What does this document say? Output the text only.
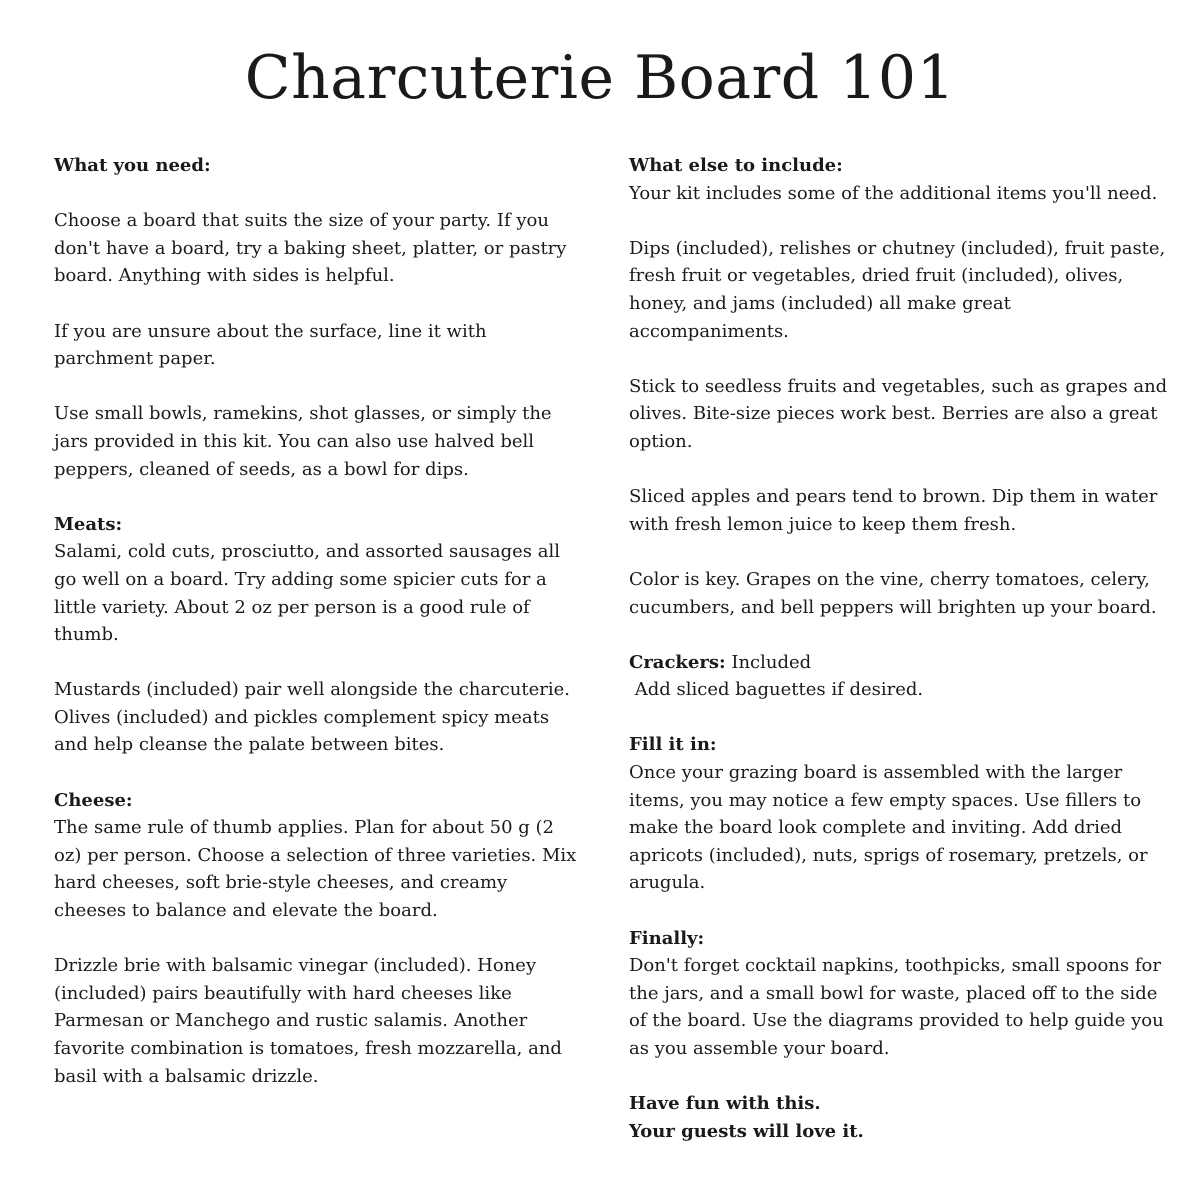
Charcuterie Board 101
What you need:

Choose a board that suits the size of your party. If you don't have a board, try a baking sheet, platter, or pastry board. Anything with sides is helpful.

If you are unsure about the surface, line it with parchment paper.

Use small bowls, ramekins, shot glasses, or simply the jars provided in this kit. You can also use halved bell peppers, cleaned of seeds, as a bowl for dips.

Meats:

Salami, cold cuts, prosciutto, and assorted sausages all go well on a board. Try adding some spicier cuts for a little variety. About 2 oz per person is a good rule of thumb.

Mustards (included) pair well alongside the charcuterie. Olives (included) and pickles complement spicy meats and help cleanse the palate between bites.

Cheese:

The same rule of thumb applies. Plan for about 50 g (2 oz) per person. Choose a selection of three varieties. Mix hard cheeses, soft brie-style cheeses, and creamy cheeses to balance and elevate the board.

Drizzle brie with balsamic vinegar (included). Honey (included) pairs beautifully with hard cheeses like Parmesan or Manchego and rustic salamis. Another favorite combination is tomatoes, fresh mozzarella, and basil with a balsamic drizzle.

What else to include:

Your kit includes some of the additional items you'll need.

Dips (included), relishes or chutney (included), fruit paste, fresh fruit or vegetables, dried fruit (included), olives, honey, and jams (included) all make great accompaniments.

Stick to seedless fruits and vegetables, such as grapes and olives. Bite-size pieces work best. Berries are also a great option.

Sliced apples and pears tend to brown. Dip them in water with fresh lemon juice to keep them fresh.

Color is key. Grapes on the vine, cherry tomatoes, celery, cucumbers, and bell peppers will brighten up your board.

Crackers: Included

Add sliced baguettes if desired.

Fill it in:

Once your grazing board is assembled with the larger items, you may notice a few empty spaces. Use fillers to make the board look complete and inviting. Add dried apricots (included), nuts, sprigs of rosemary, pretzels, or arugula.

Finally:

Don't forget cocktail napkins, toothpicks, small spoons for the jars, and a small bowl for waste, placed off to the side of the board. Use the diagrams provided to help guide you as you assemble your board.

Have fun with this.

Your guests will love it.
